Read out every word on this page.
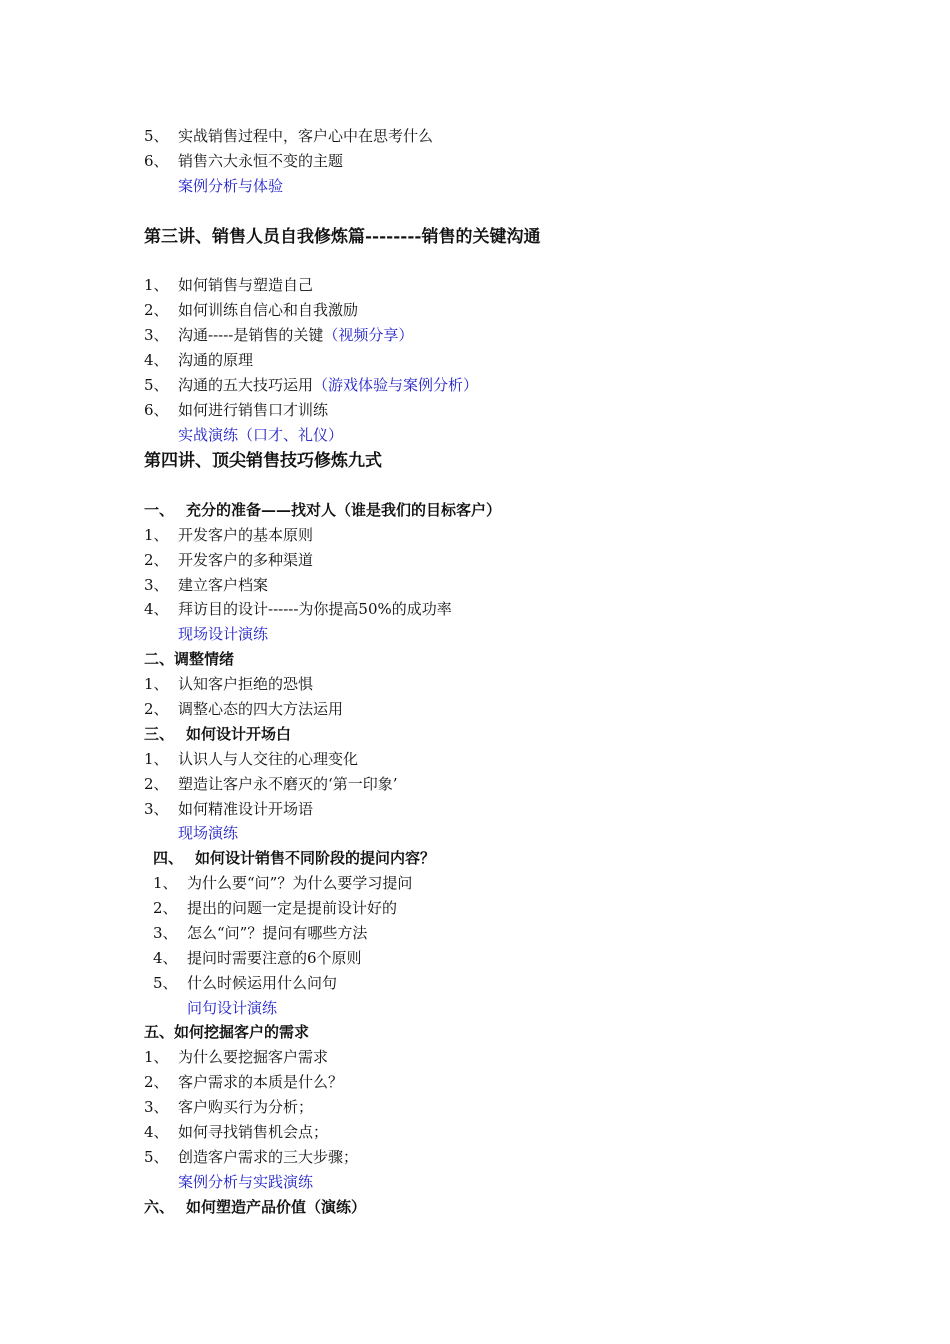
5、 实战销售过程中，客户心中在思考什么
6、 销售六大永恒不变的主题
案例分析与体验
第三讲、销售人员自我修炼篇--------销售的关键沟通
1、 如何销售与塑造自己
2、 如何训练自信心和自我激励
3、 沟通-----是销售的关键（视频分享）
4、 沟通的原理
5、 沟通的五大技巧运用（游戏体验与案例分析）
6、 如何进行销售口才训练
实战演练（口才、礼仪）
第四讲、顶尖销售技巧修炼九式
一、 充分的准备——找对人（谁是我们的目标客户）
1、 开发客户的基本原则
2、 开发客户的多种渠道
3、 建立客户档案
4、 拜访目的设计------为你提高50%的成功率
现场设计演练
二、调整情绪
1、 认知客户拒绝的恐惧
2、 调整心态的四大方法运用
三、 如何设计开场白
1、 认识人与人交往的心理变化
2、 塑造让客户永不磨灭的‘第一印象’
3、 如何精准设计开场语
现场演练
四、 如何设计销售不同阶段的提问内容？
1、 为什么要“问”？为什么要学习提问
2、 提出的问题一定是提前设计好的
3、 怎么“问”？提问有哪些方法
4、 提问时需要注意的6个原则
5、 什么时候运用什么问句
问句设计演练
五、如何挖掘客户的需求
1、 为什么要挖掘客户需求
2、 客户需求的本质是什么？
3、 客户购买行为分析；
4、 如何寻找销售机会点；
5、 创造客户需求的三大步骤；
案例分析与实践演练
六、 如何塑造产品价值（演练）
